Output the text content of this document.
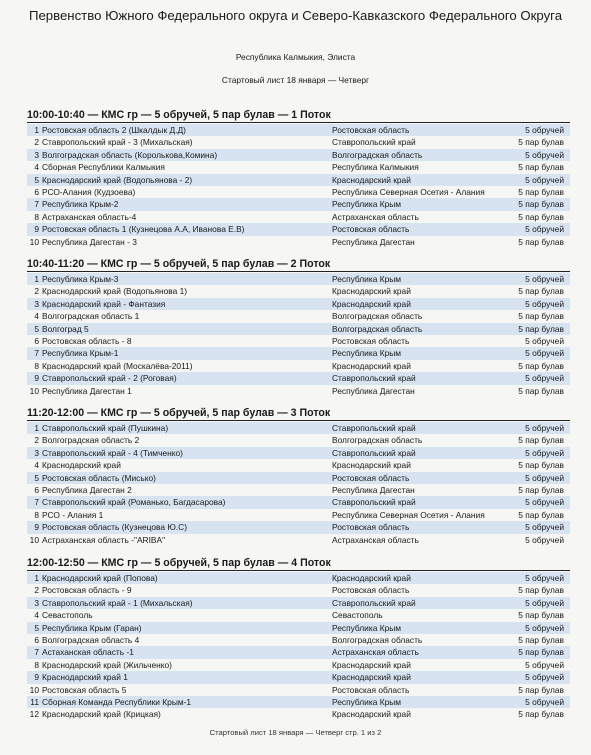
Первенство Южного Федерального округа и Северо-Кавказского Федерального Округа
Республика Калмыкия, Элиста
Стартовый лист 18 января — Четверг
10:00-10:40 — КМС гр — 5 обручей, 5 пар булав — 1 Поток
1 Ростовская область 2 (Шкалдык Д.Д)	Ростовская область	5 обручей
2 Ставропольский край - 3 (Михальская)	Ставропольский край	5 пар булав
3 Волгоградская область (Королькова,Комина)	Волгоградская область	5 обручей
4 Сборная Республики Калмыкия	Республика Калмыкия	5 пар булав
5 Краснодарский край (Водопьянова - 2)	Краснодарский край	5 обручей
6 РСО-Алания (Кудзоева)	Республика Северная Осетия - Алания	5 пар булав
7 Республика Крым-2	Республика Крым	5 пар булав
8 Астраханская область-4	Астраханская область	5 пар булав
9 Ростовская область 1 (Кузнецова А.А, Иванова Е.В)	Ростовская область	5 обручей
10 Республика Дагестан - 3	Республика Дагестан	5 пар булав
10:40-11:20 — КМС гр — 5 обручей, 5 пар булав — 2 Поток
1 Республика Крым-3	Республика Крым	5 обручей
2 Краснодарский край (Водопьянова 1)	Краснодарский край	5 пар булав
3 Краснодарский край - Фантазия	Краснодарский край	5 обручей
4 Волгоградская область 1	Волгоградская область	5 пар булав
5 Волгоград 5	Волгоградская область	5 пар булав
6 Ростовская область - 8	Ростовская область	5 обручей
7 Республика Крым-1	Республика Крым	5 обручей
8 Краснодарский край (Москалёва-2011)	Краснодарский край	5 пар булав
9 Ставропольский край - 2 (Роговая)	Ставропольский край	5 обручей
10 Республика Дагестан 1	Республика Дагестан	5 пар булав
11:20-12:00 — КМС гр — 5 обручей, 5 пар булав — 3 Поток
1 Ставропольский край (Пушкина)	Ставропольский край	5 обручей
2 Волгоградская область 2	Волгоградская область	5 пар булав
3 Ставропольский край - 4 (Тимченко)	Ставропольский край	5 обручей
4 Краснодарский край	Краснодарский край	5 пар булав
5 Ростовская область (Мисько)	Ростовская область	5 обручей
6 Республика Дагестан 2	Республика Дагестан	5 пар булав
7 Ставропольский край (Романько, Багдасарова)	Ставропольский край	5 обручей
8 РСО - Алания 1	Республика Северная Осетия - Алания	5 пар булав
9 Ростовская область (Кузнецова Ю.С)	Ростовская область	5 обручей
10 Астраханская область -"ARIBA"	Астраханская область	5 обручей
12:00-12:50 — КМС гр — 5 обручей, 5 пар булав — 4 Поток
1 Краснодарский край (Попова)	Краснодарский край	5 обручей
2 Ростовская область - 9	Ростовская область	5 пар булав
3 Ставропольский край - 1 (Михальская)	Ставропольский край	5 обручей
4 Севастополь	Севастополь	5 пар булав
5 Республика Крым (Гаран)	Республика Крым	5 обручей
6 Волгоградская область 4	Волгоградская область	5 пар булав
7 Астаханская область -1	Астраханская область	5 пар булав
8 Краснодарский край (Жильченко)	Краснодарский край	5 обручей
9 Краснодарский край 1	Краснодарский край	5 обручей
10 Ростовская область 5	Ростовская область	5 пар булав
11 Сборная Команда Республики Крым-1	Республика Крым	5 обручей
12 Краснодарский край (Крицкая)	Краснодарский край	5 пар булав
Стартовый лист 18 января — Четверг стр. 1 из 2
